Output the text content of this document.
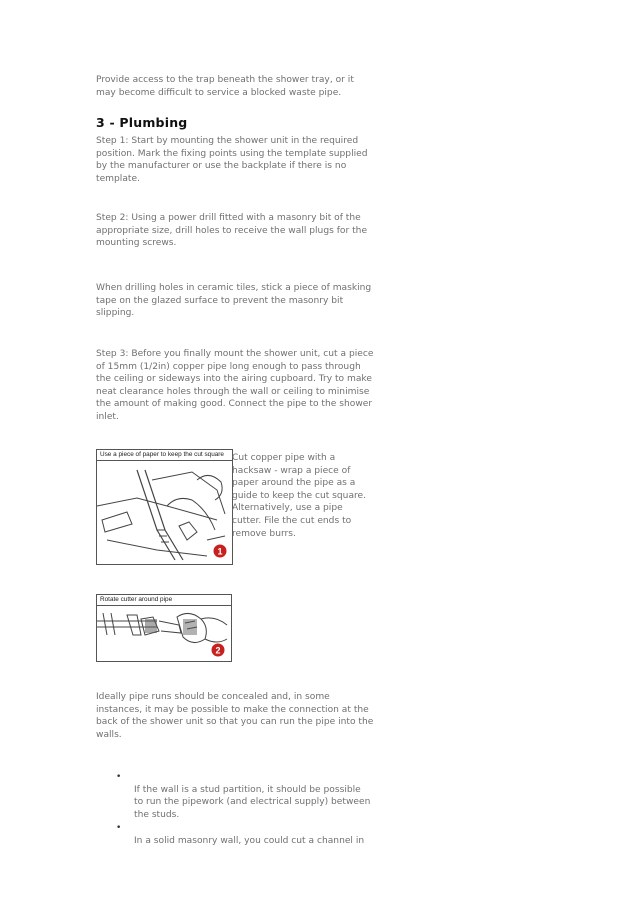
Provide access to the trap beneath the shower tray, or it
may become difficult to service a blocked waste pipe.

3 - Plumbing

Step 1: Start by mounting the shower unit in the required
position. Mark the fixing points using the template supplied
by the manufacturer or use the backplate if there is no
template.

Step 2: Using a power drill fitted with a masonry bit of the
appropriate size, drill holes to receive the wall plugs for the
mounting screws.

When drilling holes in ceramic tiles, stick a piece of masking
tape on the glazed surface to prevent the masonry bit
slipping.

Step 3: Before you finally mount the shower unit, cut a piece
of 15mm (1/2in) copper pipe long enough to pass through
the ceiling or sideways into the airing cupboard. Try to make
neat clearance holes through the wall or ceiling to minimise
the amount of making good. Connect the pipe to the shower
inlet.

Use a piece of paper to keep the cut square
1

Cut copper pipe with a
hacksaw - wrap a piece of
paper around the pipe as a
guide to keep the cut square.
Alternatively, use a pipe
cutter. File the cut ends to
remove burrs.

Rotate cutter around pipe
2

Ideally pipe runs should be concealed and, in some
instances, it may be possible to make the connection at the
back of the shower unit so that you can run the pipe into the
walls.

•
If the wall is a stud partition, it should be possible
to run the pipework (and electrical supply) between
the studs.

•
In a solid masonry wall, you could cut a channel in
